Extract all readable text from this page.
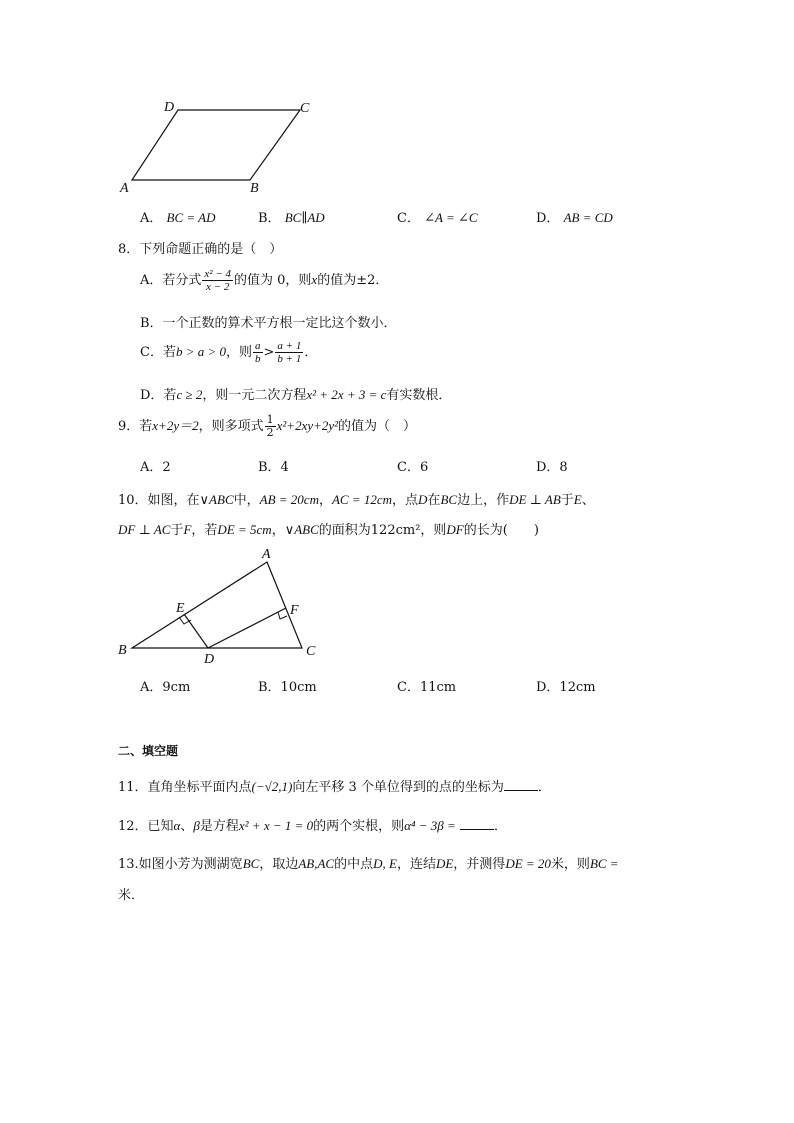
A	B
C
D
A． BC = AD	B． BC∥AD	C． ∠A = ∠C	D． AB = CD
8．下列命题正确的是（　）
A．若分式 $\frac{\text{x² − 4}}{x - 2}$ 的值为 0，则x的值为±2．
B．一个正数的算术平方根一定比这个数小．
C．若b > a > 0，则 $\frac{a}{b} > \frac{a + 1}{b + 1}$ ．
D．若c ≥ 2，则一元二次方程x² + 2x + 3 = c有实数根．
9．若x+2y＝2，则多项式 $\frac{1}{2} x^2+2xy+2y^2$的值为（　）
A．2	B．4	C．6	D．8
10．如图，在∨ABC中，AB = 20cm，AC = 12cm，点D在BC边上，作DE ⊥ AB于E、
DF ⊥ AC于F，若DE = 5cm，∨ABC的面积为122cm²，则DF的长为(　　)
A
B	C
D
E	F
A．9cm	B．10cm	C．11cm	D．12cm
二、填空题
11．直角坐标平面内点(−√2,1)向左平移 3 个单位得到的点的坐标为	．
12．已知α、β是方程x² + x − 1 = 0的两个实根，则α⁴ − 3β =	．
13.如图小芳为测湖宽BC，取边AB,AC的中点D, E，连结DE，并测得DE = 20米，则BC =
米．
